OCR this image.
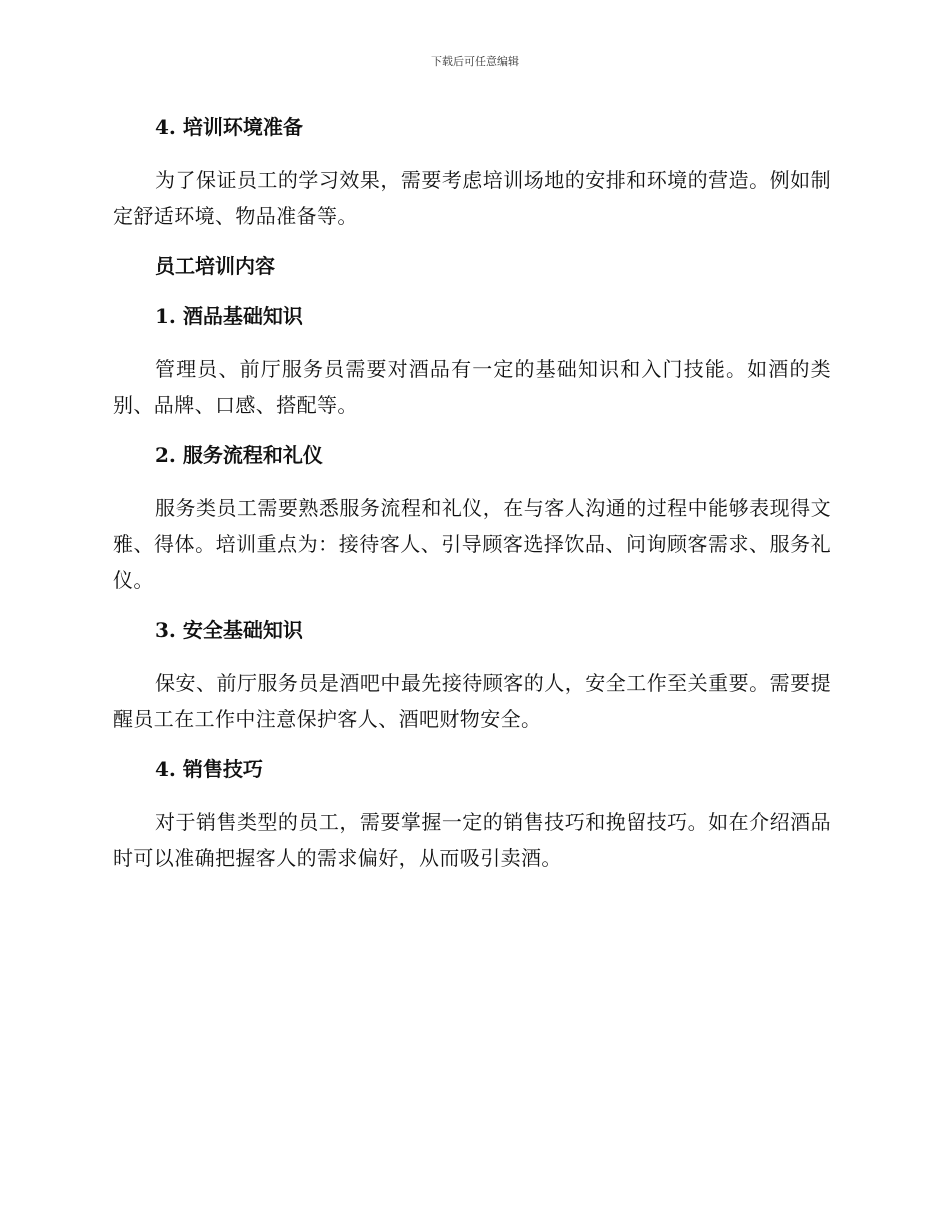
下载后可任意编辑
4. 培训环境准备

为了保证员工的学习效果，需要考虑培训场地的安排和环境的营造。例如制定舒适环境、物品准备等。

员工培训内容
1. 酒品基础知识

管理员、前厅服务员需要对酒品有一定的基础知识和入门技能。如酒的类别、品牌、口感、搭配等。

2. 服务流程和礼仪

服务类员工需要熟悉服务流程和礼仪，在与客人沟通的过程中能够表现得文雅、得体。培训重点为：接待客人、引导顾客选择饮品、问询顾客需求、服务礼仪。

3. 安全基础知识

保安、前厅服务员是酒吧中最先接待顾客的人，安全工作至关重要。需要提醒员工在工作中注意保护客人、酒吧财物安全。

4. 销售技巧

对于销售类型的员工，需要掌握一定的销售技巧和挽留技巧。如在介绍酒品时可以准确把握客人的需求偏好，从而吸引卖酒。
